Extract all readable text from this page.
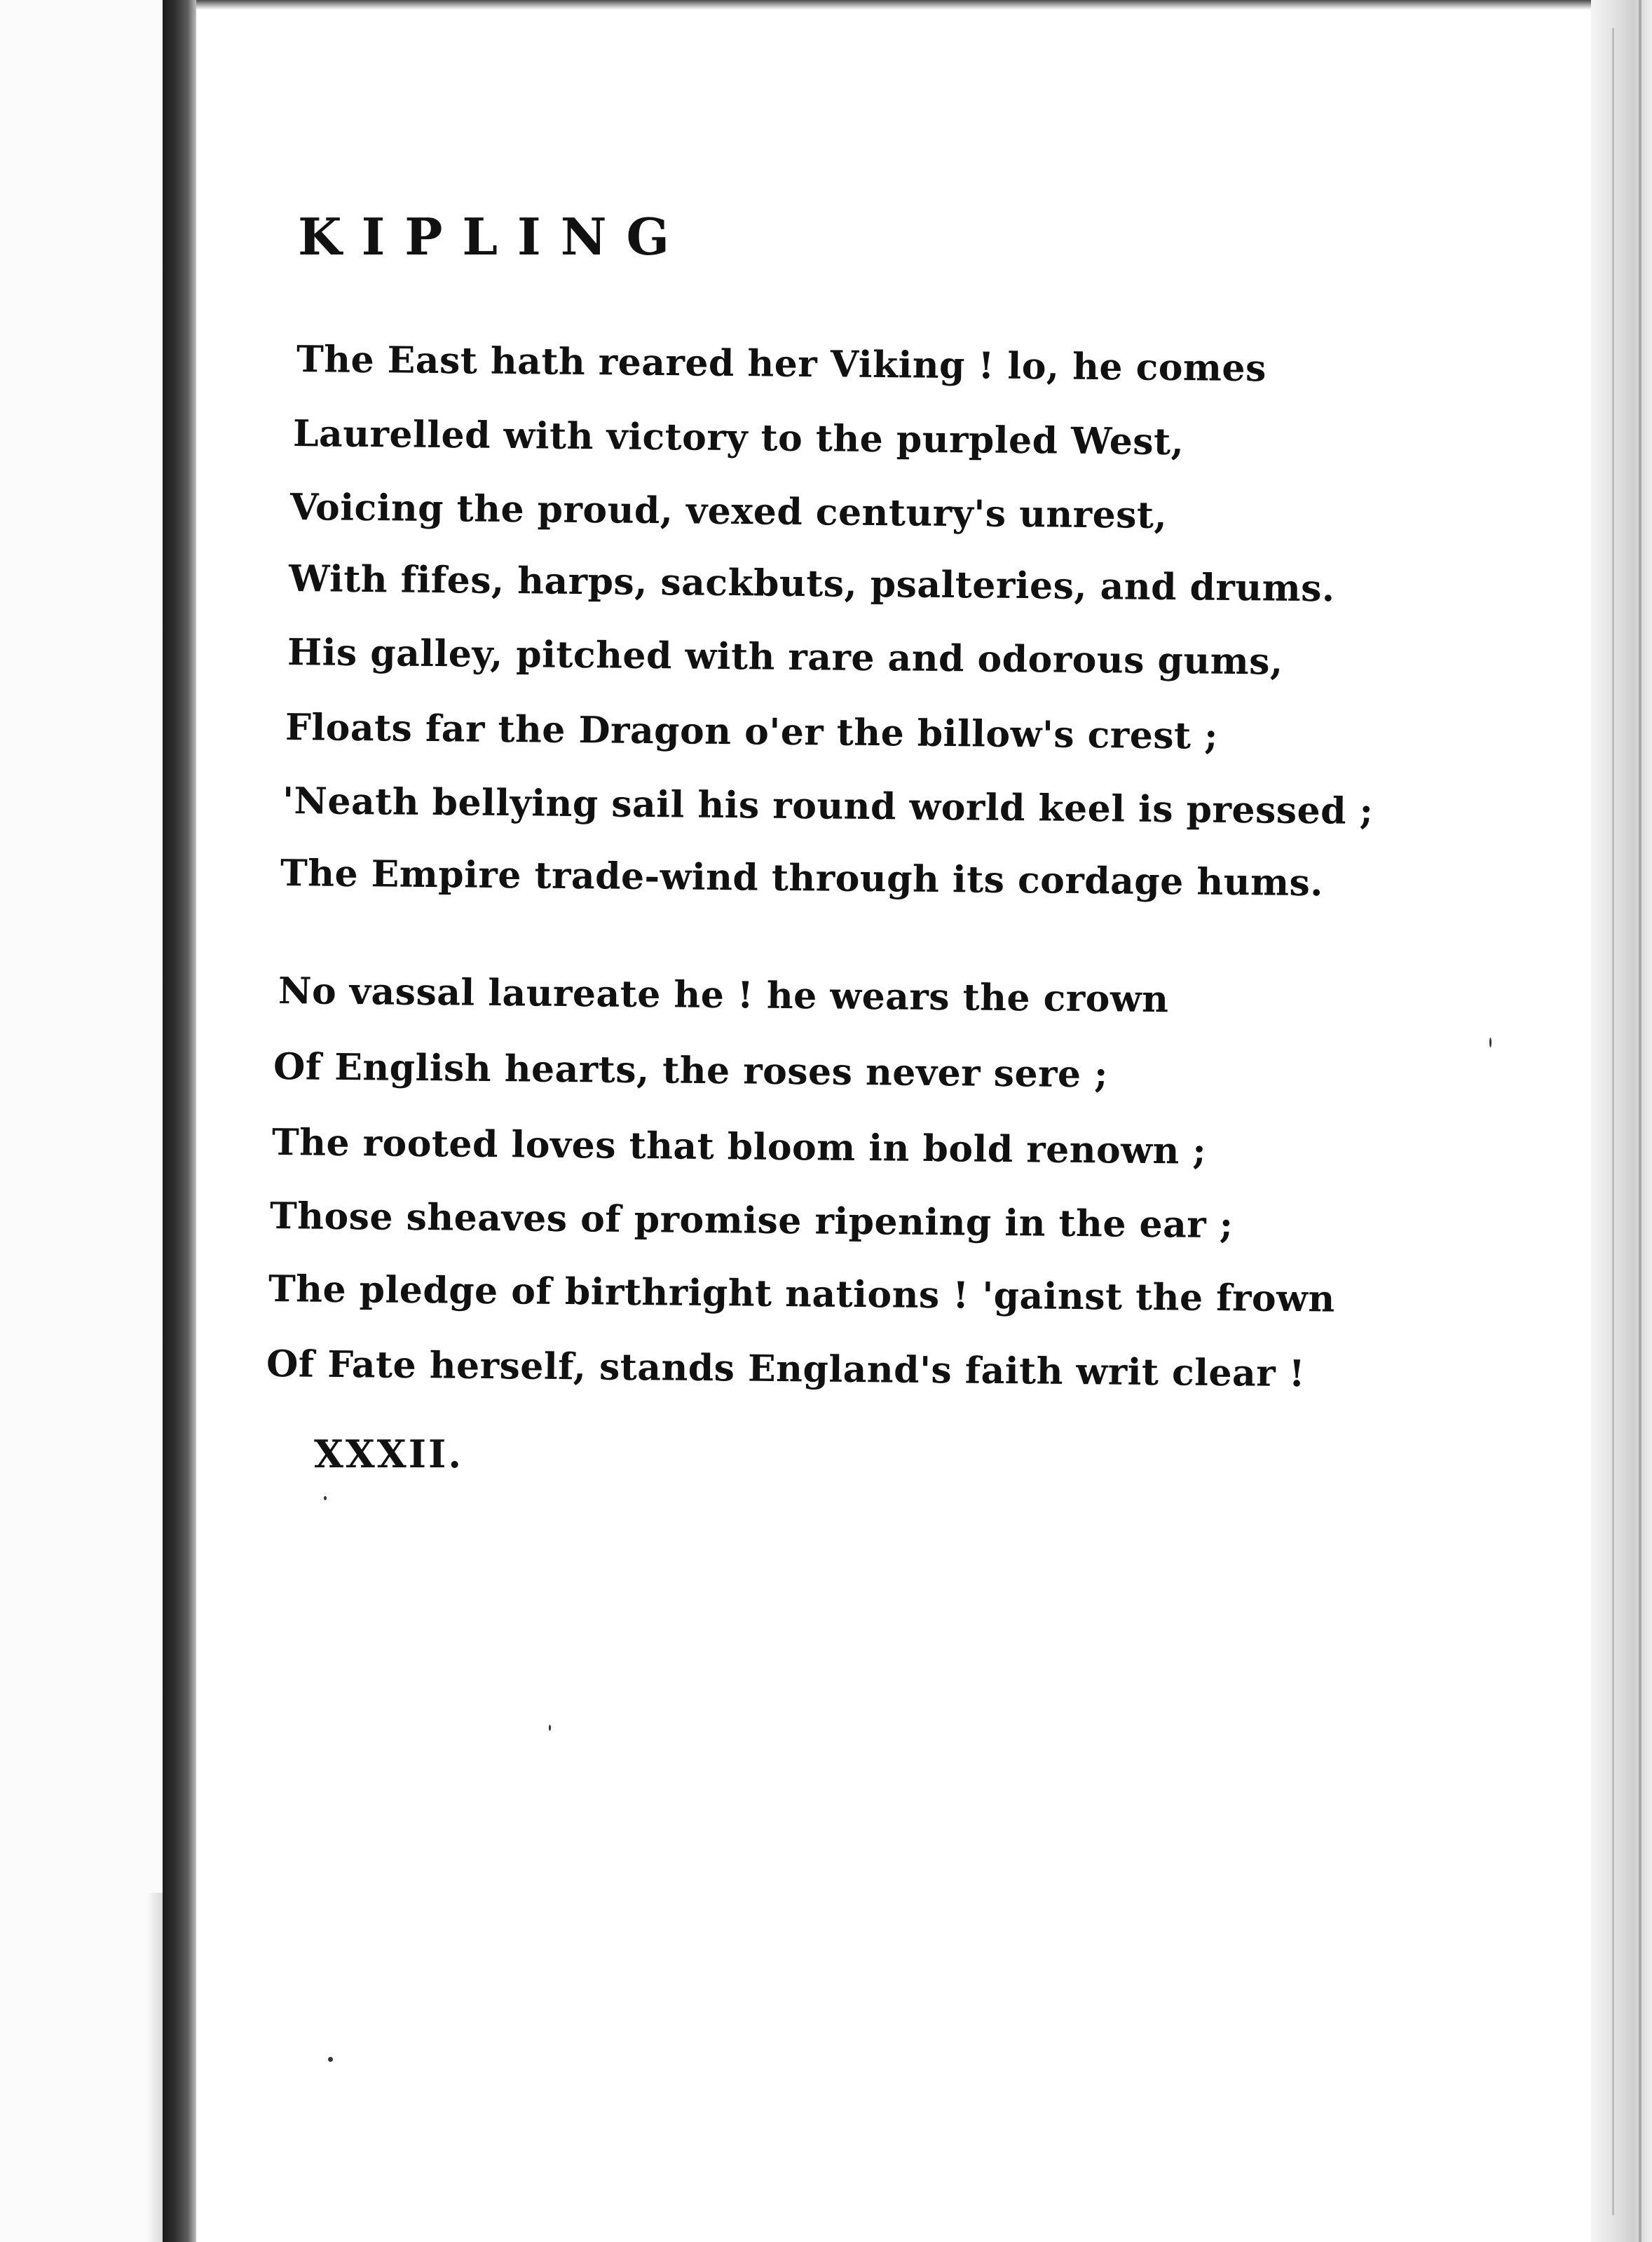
KIPLING
The East hath reared her Viking ! lo, he comes
Laurelled with victory to the purpled West,
Voicing the proud, vexed century's unrest,
With fifes, harps, sackbuts, psalteries, and drums.
His galley, pitched with rare and odorous gums,
Floats far the Dragon o'er the billow's crest ;
'Neath bellying sail his round world keel is pressed ;
The Empire trade-wind through its cordage hums.
No vassal laureate he ! he wears the crown
Of English hearts, the roses never sere ;
The rooted loves that bloom in bold renown ;
Those sheaves of promise ripening in the ear ;
The pledge of birthright nations ! 'gainst the frown
Of Fate herself, stands England's faith writ clear !
XXXII.
